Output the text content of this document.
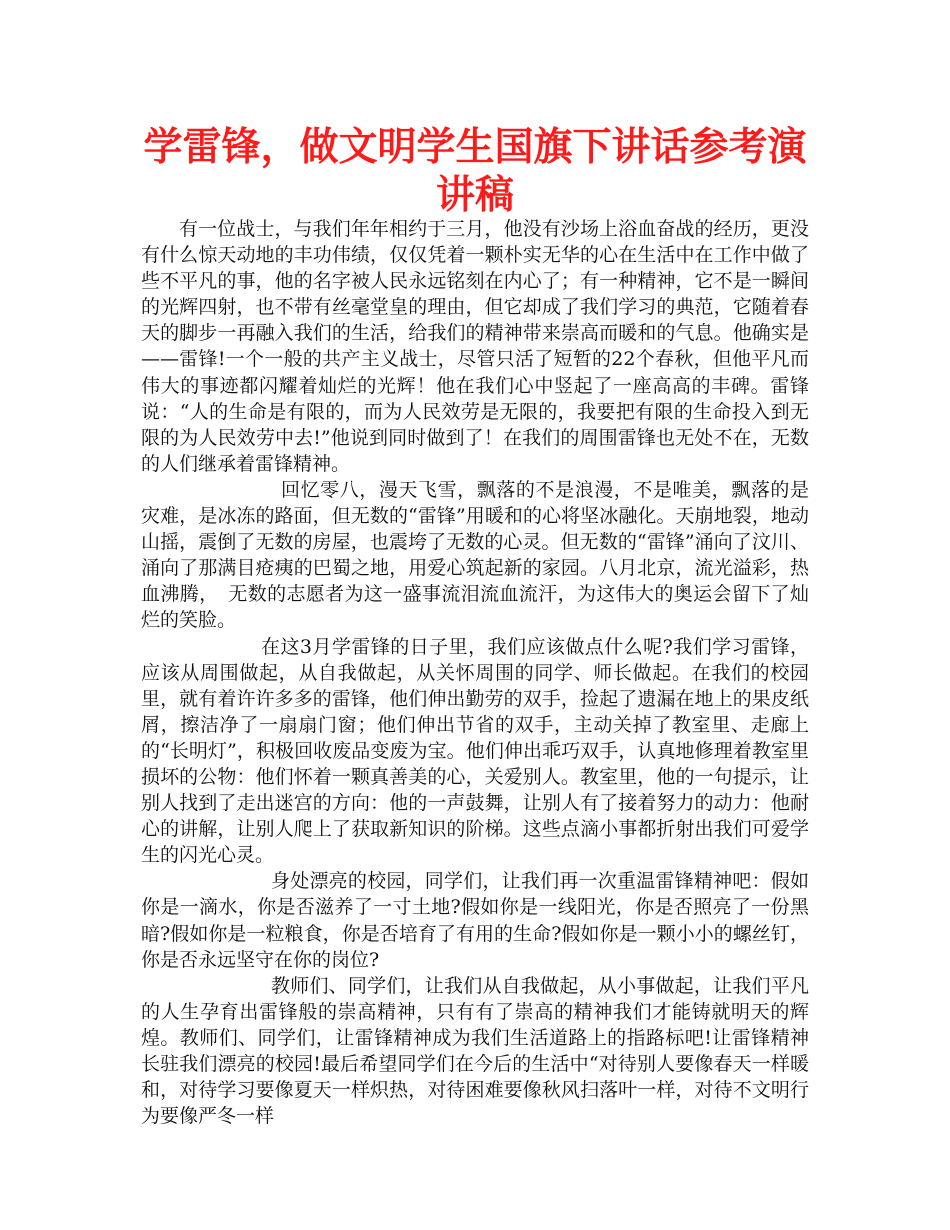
学雷锋，做文明学生国旗下讲话参考演讲稿

有一位战士，与我们年年相约于三月，他没有沙场上浴血奋战的经历，更没有什么惊天动地的丰功伟绩，仅仅凭着一颗朴实无华的心在生活中在工作中做了些不平凡的事，他的名字被人民永远铭刻在内心了；有一种精神，它不是一瞬间的光辉四射，也不带有丝毫堂皇的理由，但它却成了我们学习的典范，它随着春天的脚步一再融入我们的生活，给我们的精神带来崇高而暖和的气息。他确实是——雷锋!一个一般的共产主义战士，尽管只活了短暂的22个春秋，但他平凡而伟大的事迹都闪耀着灿烂的光辉！他在我们心中竖起了一座高高的丰碑。雷锋说：“人的生命是有限的，而为人民效劳是无限的，我要把有限的生命投入到无限的为人民效劳中去!”他说到同时做到了！在我们的周围雷锋也无处不在，无数的人们继承着雷锋精神。

回忆零八，漫天飞雪，飘落的不是浪漫，不是唯美，飘落的是灾难，是冰冻的路面，但无数的“雷锋”用暖和的心将坚冰融化。天崩地裂，地动山摇，震倒了无数的房屋，也震垮了无数的心灵。但无数的“雷锋”涌向了汶川、涌向了那满目疮痍的巴蜀之地，用爱心筑起新的家园。八月北京，流光溢彩，热血沸腾，　无数的志愿者为这一盛事流泪流血流汗，为这伟大的奥运会留下了灿烂的笑脸。

在这3月学雷锋的日子里，我们应该做点什么呢?我们学习雷锋，应该从周围做起，从自我做起，从关怀周围的同学、师长做起。在我们的校园里，就有着许许多多的雷锋，他们伸出勤劳的双手，捡起了遗漏在地上的果皮纸屑，擦洁净了一扇扇门窗；他们伸出节省的双手，主动关掉了教室里、走廊上的“长明灯”，积极回收废品变废为宝。他们伸出乖巧双手，认真地修理着教室里损坏的公物：他们怀着一颗真善美的心，关爱别人。教室里，他的一句提示，让别人找到了走出迷宫的方向：他的一声鼓舞，让别人有了接着努力的动力：他耐心的讲解，让别人爬上了获取新知识的阶梯。这些点滴小事都折射出我们可爱学生的闪光心灵。

身处漂亮的校园，同学们，让我们再一次重温雷锋精神吧：假如你是一滴水，你是否滋养了一寸土地?假如你是一线阳光，你是否照亮了一份黑暗?假如你是一粒粮食，你是否培育了有用的生命?假如你是一颗小小的螺丝钉，你是否永远坚守在你的岗位?

教师们、同学们，让我们从自我做起，从小事做起，让我们平凡的人生孕育出雷锋般的崇高精神，只有有了崇高的精神我们才能铸就明天的辉煌。教师们、同学们，让雷锋精神成为我们生活道路上的指路标吧!让雷锋精神长驻我们漂亮的校园!最后希望同学们在今后的生活中“对待别人要像春天一样暖和，对待学习要像夏天一样炽热，对待困难要像秋风扫落叶一样，对待不文明行为要像严冬一样
